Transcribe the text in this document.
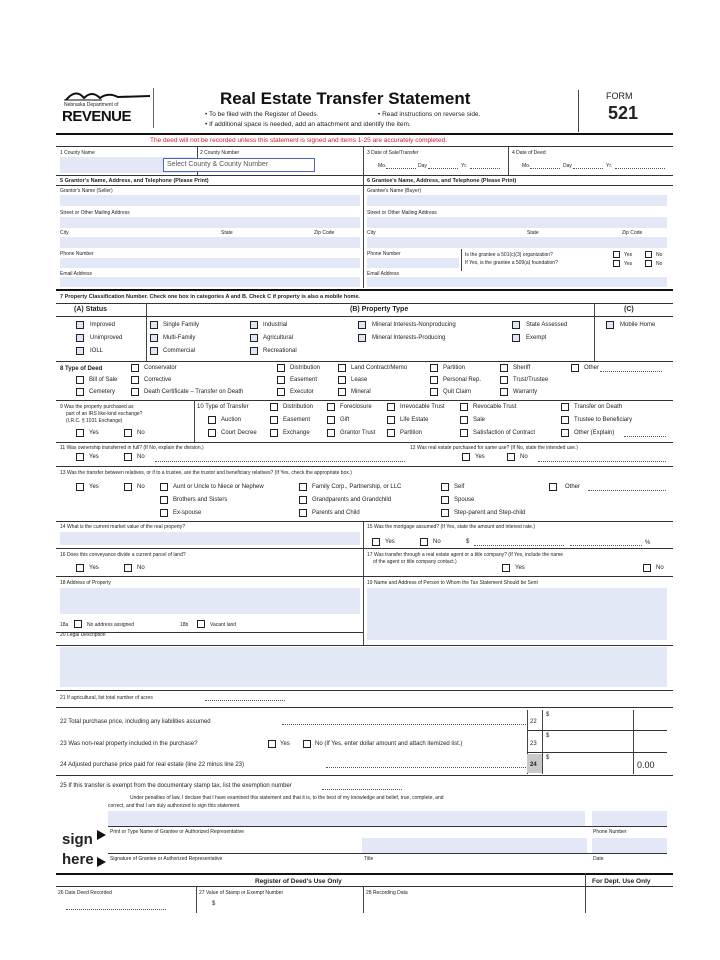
Nebraska Department of
REVENUE
Real Estate Transfer Statement
• To be filed with the Register of Deeds.	• Read instructions on reverse side.
• If additional space is needed, add an attachment and identify the item.
FORM
521
The deed will not be recorded unless this statement is signed and items 1-25 are accurately completed.
1 County Name	2 County Number
Select County & County Number
3 Date of Sale/Transfer
Mo.	Day	Yr.
4 Date of Deed
Mo.	Day	Yr.
5 Grantor's Name, Address, and Telephone (Please Print)	6 Grantee's Name, Address, and Telephone (Please Print)
Grantor's Name (Seller)
Street or Other Mailing Address
City	State	Zip Code
Phone Number
Email Address
Grantee's Name (Buyer)
Street or Other Mailing Address
City	State	Zip Code
Phone Number	Is the grantee a 501(c)(3) organization?
If Yes, is the grantee a 509(a) foundation?
Yes	No
Yes	No
Email Address
7 Property Classification Number. Check one box in categories A and B. Check C if property is also a mobile home.
(A) Status	(B) Property Type	(C)
Improved
Unimproved
IOLL
Single Family
Multi-Family
Commercial
Industrial
Agricultural
Recreational
Mineral Interests-Nonproducing
Mineral Interests-Producing
State Assessed
Exempt
Mobile Home
8 Type of Deed
Bill of Sale
Cemetery
Conservator
Corrective
Death Certificate – Transfer on Death
Distribution
Easement
Executor
Land Contract/Memo
Lease
Mineral
Partition
Personal Rep.
Quit Claim
Sheriff
Trust/Trustee
Warranty
Other
9 Was the property purchased as
part of an IRS like-kind exchange?
(I.R.C. § 1031 Exchange)
Yes	No
10 Type of Transfer
Auction
Court Decree
Distribution
Easement
Exchange
Foreclosure
Gift
Grantor Trust
Irrevocable Trust
Life Estate
Partition
Revocable Trust
Sale
Satisfaction of Contract
Transfer on Death
Trustee to Beneficiary
Other (Explain)
11 Was ownership transferred in full? (If No, explain the division.)
Yes	No
12 Was real estate purchased for same use? (If No, state the intended use.)
Yes	No
13 Was the transfer between relatives, or if to a trustee, are the trustor and beneficiary relatives? (If Yes, check the appropriate box.)
Yes	No	Aunt or Uncle to Niece or Nephew
Brothers and Sisters
Ex-spouse
Family Corp., Partnership, or LLC
Grandparents and Grandchild
Parents and Child
Self
Spouse
Step-parent and Step-child
Other
14 What is the current market value of the real property?	15 Was the mortgage assumed? (If Yes, state the amount and interest rate.)
Yes	No	$	%
16 Does this conveyance divide a current parcel of land?
Yes	No
17 Was transfer through a real estate agent or a title company? (If Yes, include the name
of the agent or title company contact.)
Yes	No
18 Address of Property
18a	No address assigned	18b	Vacant land
19 Name and Address of Person to Whom the Tax Statement Should be Sent
20 Legal Description
21 If agricultural, list total number of acres
22 Total purchase price, including any liabilities assumed	22
$
23 Was non-real property included in the purchase?	Yes	No (If Yes, enter dollar amount and attach itemized list.)	23
$
24 Adjusted purchase price paid for real estate (line 22 minus line 23)	24
$
0.00
25 If this transfer is exempt from the documentary stamp tax, list the exemption number
Under penalties of law, I declare that I have examined this statement and that it is, to the best of my knowledge and belief, true, complete, and
correct, and that I am duly authorized to sign this statement.
sign
here
Print or Type Name of Grantee or Authorized Representative	Phone Number
Signature of Grantee or Authorized Representative	Title	Date
Register of Deed's Use Only	For Dept. Use Only
26 Date Deed Recorded	27 Value of Stamp or Exempt Number
$
28 Recording Data
